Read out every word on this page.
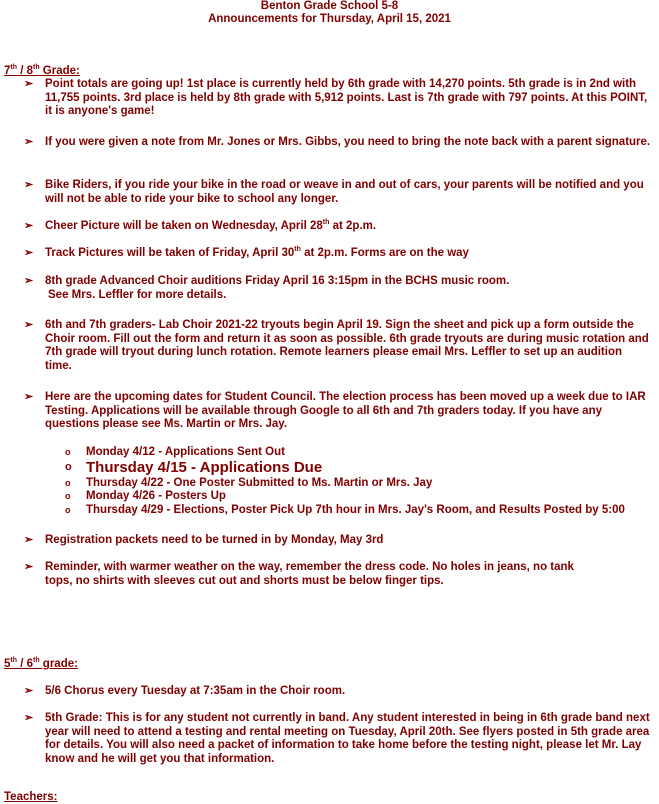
Benton Grade School 5-8
Announcements for Thursday, April 15, 2021
7th / 8th Grade:
➢ Point totals are going up! 1st place is currently held by 6th grade with 14,270 points. 5th grade is in 2nd with 11,755 points. 3rd place is held by 8th grade with 5,912 points. Last is 7th grade with 797 points. At this POINT, it is anyone's game!
➢ If you were given a note from Mr. Jones or Mrs. Gibbs, you need to bring the note back with a parent signature.
➢ Bike Riders, if you ride your bike in the road or weave in and out of cars, your parents will be notified and you will not be able to ride your bike to school any longer.
➢ Cheer Picture will be taken on Wednesday, April 28th at 2p.m.
➢ Track Pictures will be taken of Friday, April 30th at 2p.m. Forms are on the way
➢ 8th grade Advanced Choir auditions Friday April 16 3:15pm in the BCHS music room.
See Mrs. Leffler for more details.
➢ 6th and 7th graders- Lab Choir 2021-22 tryouts begin April 19. Sign the sheet and pick up a form outside the Choir room. Fill out the form and return it as soon as possible. 6th grade tryouts are during music rotation and 7th grade will tryout during lunch rotation. Remote learners please email Mrs. Leffler to set up an audition time.
➢ Here are the upcoming dates for Student Council. The election process has been moved up a week due to IAR Testing. Applications will be available through Google to all 6th and 7th graders today. If you have any questions please see Ms. Martin or Mrs. Jay.
o Monday 4/12 - Applications Sent Out
o Thursday 4/15 - Applications Due
o Thursday 4/22 - One Poster Submitted to Ms. Martin or Mrs. Jay
o Monday 4/26 - Posters Up
o Thursday 4/29 - Elections, Poster Pick Up 7th hour in Mrs. Jay's Room, and Results Posted by 5:00
➢ Registration packets need to be turned in by Monday, May 3rd
➢ Reminder, with warmer weather on the way, remember the dress code. No holes in jeans, no tank tops, no shirts with sleeves cut out and shorts must be below finger tips.
5th / 6th grade:
➢ 5/6 Chorus every Tuesday at 7:35am in the Choir room.
➢ 5th Grade: This is for any student not currently in band. Any student interested in being in 6th grade band next year will need to attend a testing and rental meeting on Tuesday, April 20th. See flyers posted in 5th grade area for details. You will also need a packet of information to take home before the testing night, please let Mr. Lay know and he will get you that information.
Teachers:
